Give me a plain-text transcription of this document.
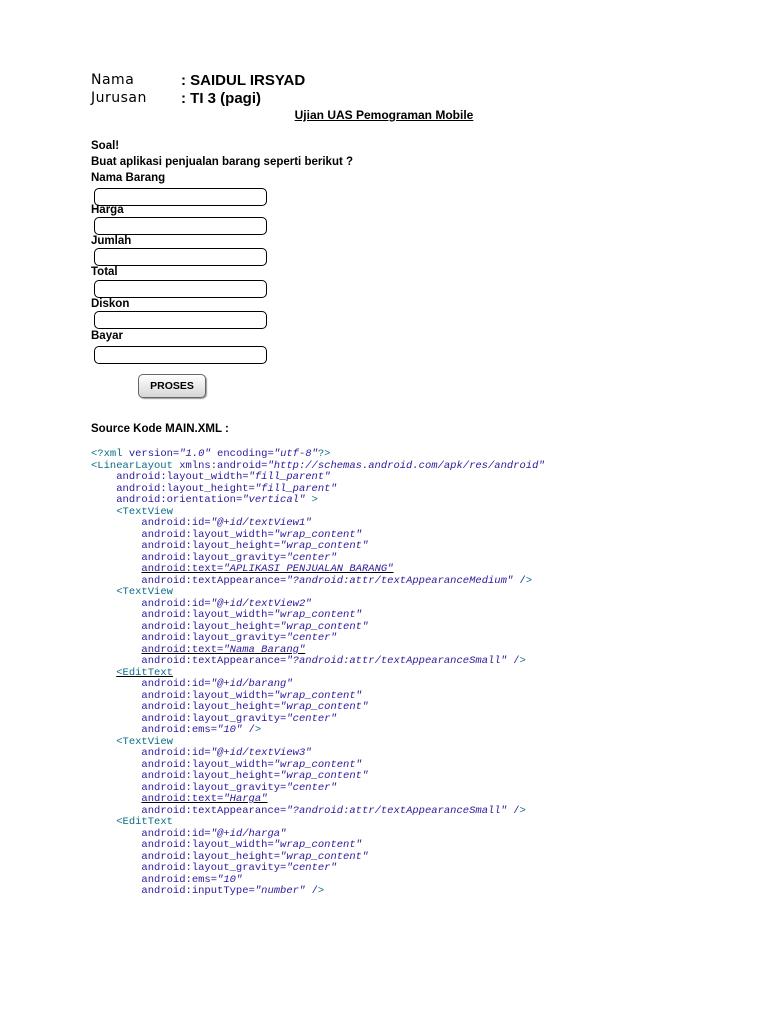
Nama	: SAIDUL IRSYAD
Jurusan : TI 3 (pagi)
Ujian UAS Pemograman Mobile
Soal!
Buat aplikasi penjualan barang seperti berikut ?
Nama Barang
Harga
Jumlah
Total
Diskon
Bayar
PROSES
Source Kode MAIN.XML :
<?xml version="1.0" encoding="utf-8"?>
<LinearLayout xmlns:android="http://schemas.android.com/apk/res/android"
android:layout_width="fill_parent"
android:layout_height="fill_parent"
android:orientation="vertical" >
<TextView
android:id="@+id/textView1"
android:layout_width="wrap_content"
android:layout_height="wrap_content"
android:layout_gravity="center"
android:text="APLIKASI PENJUALAN BARANG"
android:textAppearance="?android:attr/textAppearanceMedium" />
<TextView
android:id="@+id/textView2"
android:layout_width="wrap_content"
android:layout_height="wrap_content"
android:layout_gravity="center"
android:text="Nama Barang"
android:textAppearance="?android:attr/textAppearanceSmall" />
<EditText
android:id="@+id/barang"
android:layout_width="wrap_content"
android:layout_height="wrap_content"
android:layout_gravity="center"
android:ems="10" />
<TextView
android:id="@+id/textView3"
android:layout_width="wrap_content"
android:layout_height="wrap_content"
android:layout_gravity="center"
android:text="Harga"
android:textAppearance="?android:attr/textAppearanceSmall" />
<EditText
android:id="@+id/harga"
android:layout_width="wrap_content"
android:layout_height="wrap_content"
android:layout_gravity="center"
android:ems="10"
android:inputType="number" />
